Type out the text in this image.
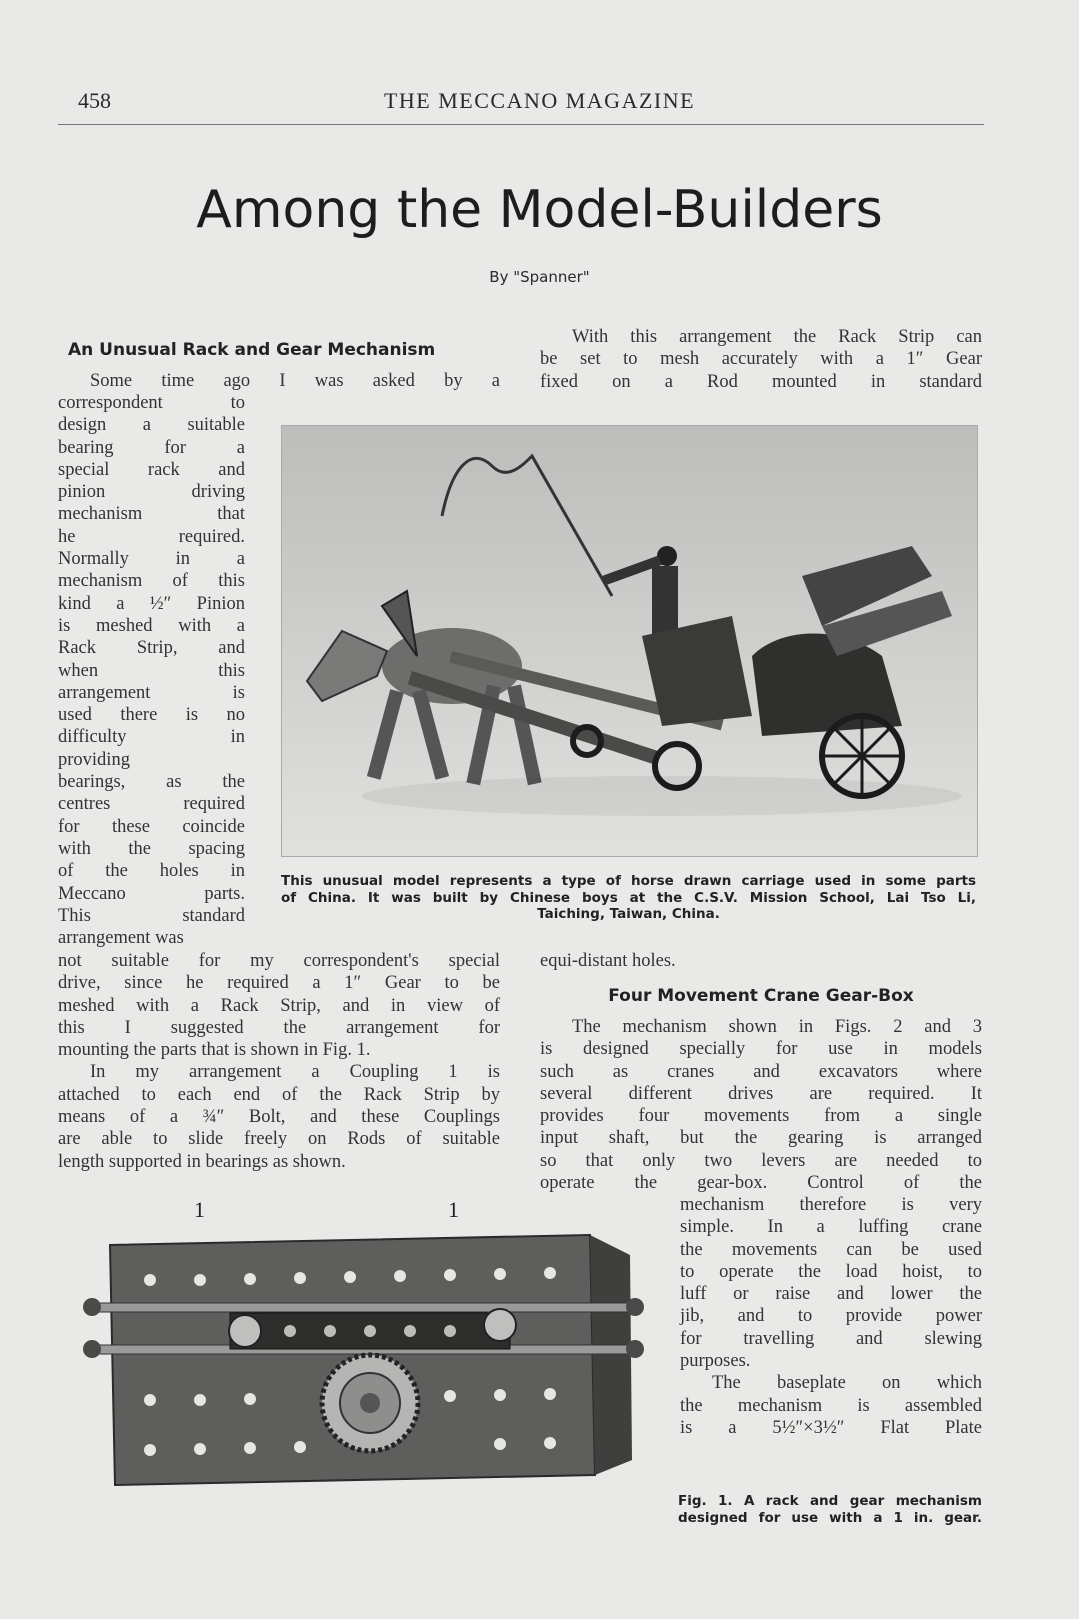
458	THE MECCANO MAGAZINE
Among the Model-Builders
By "Spanner"
An Unusual Rack and Gear Mechanism
Some time ago I was asked by a
correspondent to
design a suitable
bearing for a
special rack and
pinion driving
mechanism that
he required.
Normally in a
mechanism of this
kind a ½″ Pinion
is meshed with a
Rack Strip, and
when this
arrangement is
used there is no
difficulty in
providing
bearings, as the
centres required
for these coincide
with the spacing
of the holes in
Meccano parts.
This standard
arrangement was
not suitable for my correspondent's special
drive, since he required a 1″ Gear to be
meshed with a Rack Strip, and in view of
this I suggested the arrangement for
mounting the parts that is shown in Fig. 1.
In my arrangement a Coupling 1 is
attached to each end of the Rack Strip by
means of a ¾″ Bolt, and these Couplings
are able to slide freely on Rods of suitable
length supported in bearings as shown.
With this arrangement the Rack Strip can
be set to mesh accurately with a 1″ Gear
fixed on a Rod mounted in standard
This unusual model represents a type of horse drawn carriage used in some parts
of China. It was built by Chinese boys at the C.S.V. Mission School, Lai Tso Li,
Taiching, Taiwan, China.
equi-distant holes.
Four Movement Crane Gear-Box
The mechanism shown in Figs. 2 and 3
is designed specially for use in models
such as cranes and excavators where
several different drives are required. It
provides four movements from a single
input shaft, but the gearing is arranged
so that only two levers are needed to
operate the gear-box. Control of the
mechanism therefore is very
simple. In a luffing crane
the movements can be used
to operate the load hoist, to
luff or raise and lower the
jib, and to provide power
for travelling and slewing
purposes.
The baseplate on which
the mechanism is assembled
is a 5½″×3½″ Flat Plate
1	1
Fig. 1. A rack and gear mechanism
designed for use with a 1 in. gear.
